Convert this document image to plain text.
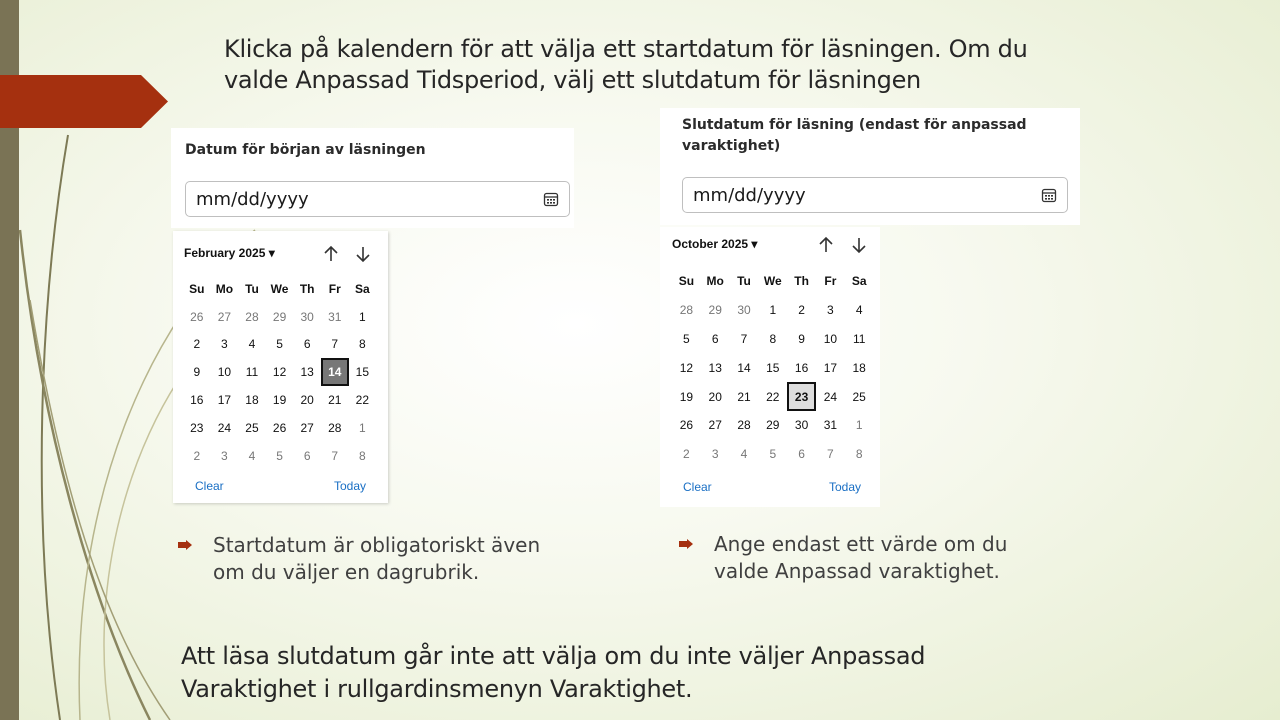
Klicka på kalendern för att välja ett startdatum för läsningen. Om du
valde Anpassad Tidsperiod, välj ett slutdatum för läsningen
Datum för början av läsningen
mm/dd/yyyy
February 2025 ▾
Su Mo	Tu We Th	Fr	Sa
26	27	28	29	30	31	1
2	3	4	5	6	7	8
9	10	11	12	13	14	15
16	17	18	19	20	21	22
23	24	25	26	27	28	1
2	3	4	5	6	7	8
Clear	Today
Slutdatum för läsning (endast för anpassad
varaktighet)
mm/dd/yyyy
October 2025 ▾
Su	Mo	Tu	We	Th	Fr	Sa
28	29	30	1	2	3	4
5	6	7	8	9	10	11
12	13	14	15	16	17	18
19	20	21	22	23	24	25
26	27	28	29	30	31	1
2	3	4	5	6	7	8
Clear	Today
Startdatum är obligatoriskt även
om du väljer en dagrubrik.
Ange endast ett värde om du
valde Anpassad varaktighet.
Att läsa slutdatum går inte att välja om du inte väljer Anpassad
Varaktighet i rullgardinsmenyn Varaktighet.
